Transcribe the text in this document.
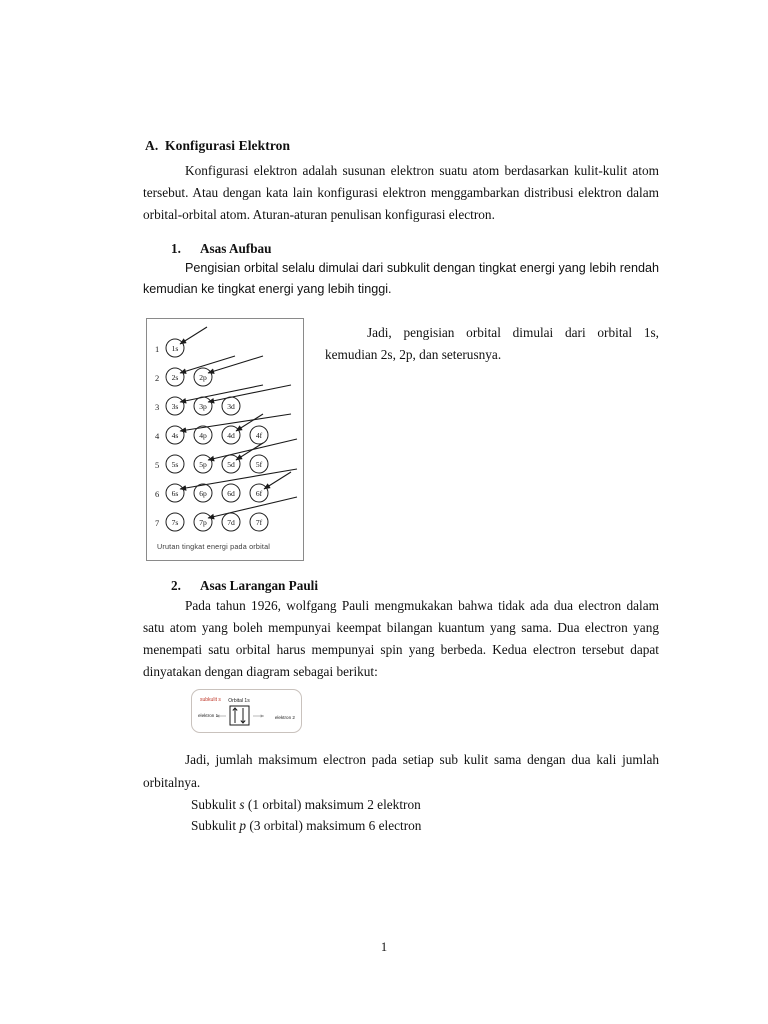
A. Konfigurasi Elektron

Konfigurasi elektron adalah susunan elektron suatu atom berdasarkan kulit-kulit atom tersebut. Atau dengan kata lain konfigurasi elektron menggambarkan distribusi elektron dalam orbital-orbital atom. Aturan-aturan penulisan konfigurasi electron.

1. Asas Aufbau

Pengisian orbital selalu dimulai dari subkulit dengan tingkat energi yang lebih rendah kemudian ke tingkat energi yang lebih tinggi.

1
2
3
4
5
6
7
1s
2s	2p
3s	3p	3d
4s	4p	4d	4f
5s	5p	5d	5f
6s	6p	6d	6f
7s	7p	7d	7f
Urutan tingkat energi pada orbital

Jadi, pengisian orbital dimulai dari orbital 1s, kemudian 2s, 2p, dan seterusnya.

2. Asas Larangan Pauli

Pada tahun 1926, wolfgang Pauli mengmukakan bahwa tidak ada dua electron dalam satu atom yang boleh mempunyai keempat bilangan kuantum yang sama. Dua electron yang menempati satu orbital harus mempunyai spin yang berbeda. Kedua electron tersebut dapat dinyatakan dengan diagram sebagai berikut:

subkulit s Orbital 1s
elektron 1	elektron 2

Jadi, jumlah maksimum electron pada setiap sub kulit sama dengan dua kali jumlah orbitalnya.

Subkulit s (1 orbital) maksimum 2 elektron

Subkulit p (3 orbital) maksimum 6 electron

1
